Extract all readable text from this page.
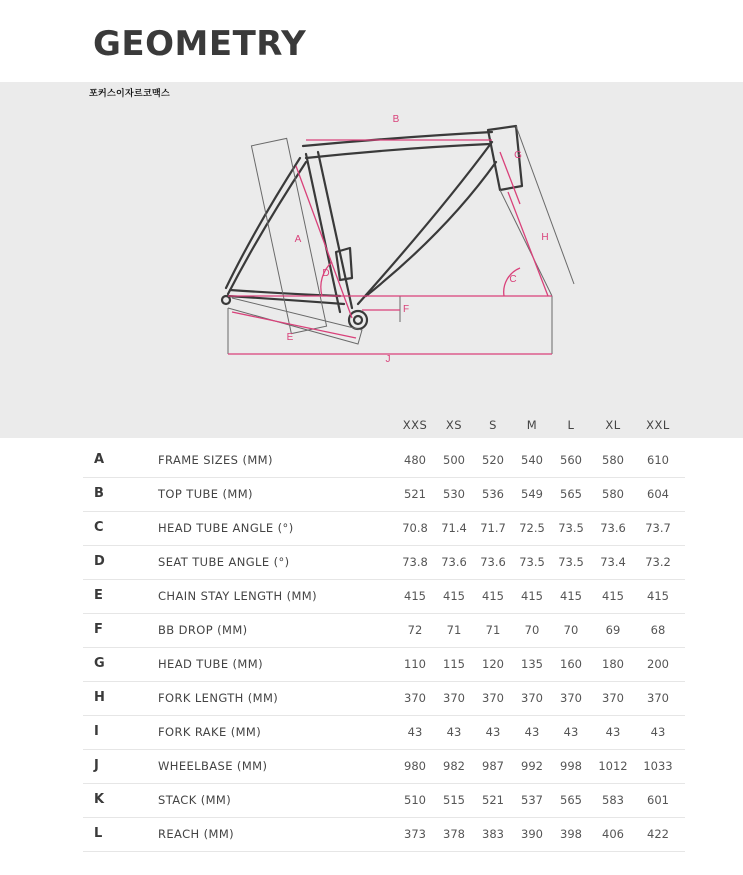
GEOMETRY
포커스이자르코맥스
B
G
H
A
C
D
F
E
J
XXS XS S	M	L	XL XXL
A	FRAME SIZES (MM)	480 500 520 540 560 580 610
B	TOP TUBE (MM)	521 530 536 549 565 580 604
C	HEAD TUBE ANGLE (°)	70.8 71.4 71.7 72.5 73.5 73.6 73.7
D	SEAT TUBE ANGLE (°)	73.8 73.6 73.6 73.5 73.5 73.4 73.2
E	CHAIN STAY LENGTH (MM)	415 415 415 415 415 415 415
F	BB DROP (MM)	72 71 71 70 70 69	68
G	HEAD TUBE (MM)	110 115 120 135 160 180 200
H	FORK LENGTH (MM)	370 370 370 370 370 370 370
I	FORK RAKE (MM)	43 43 43 43 43 43	43
J	WHEELBASE (MM)	980 982 987 992 998 1012 1033
K	STACK (MM)	510 515 521 537 565 583 601
L	REACH (MM)	373 378 383 390 398 406 422
